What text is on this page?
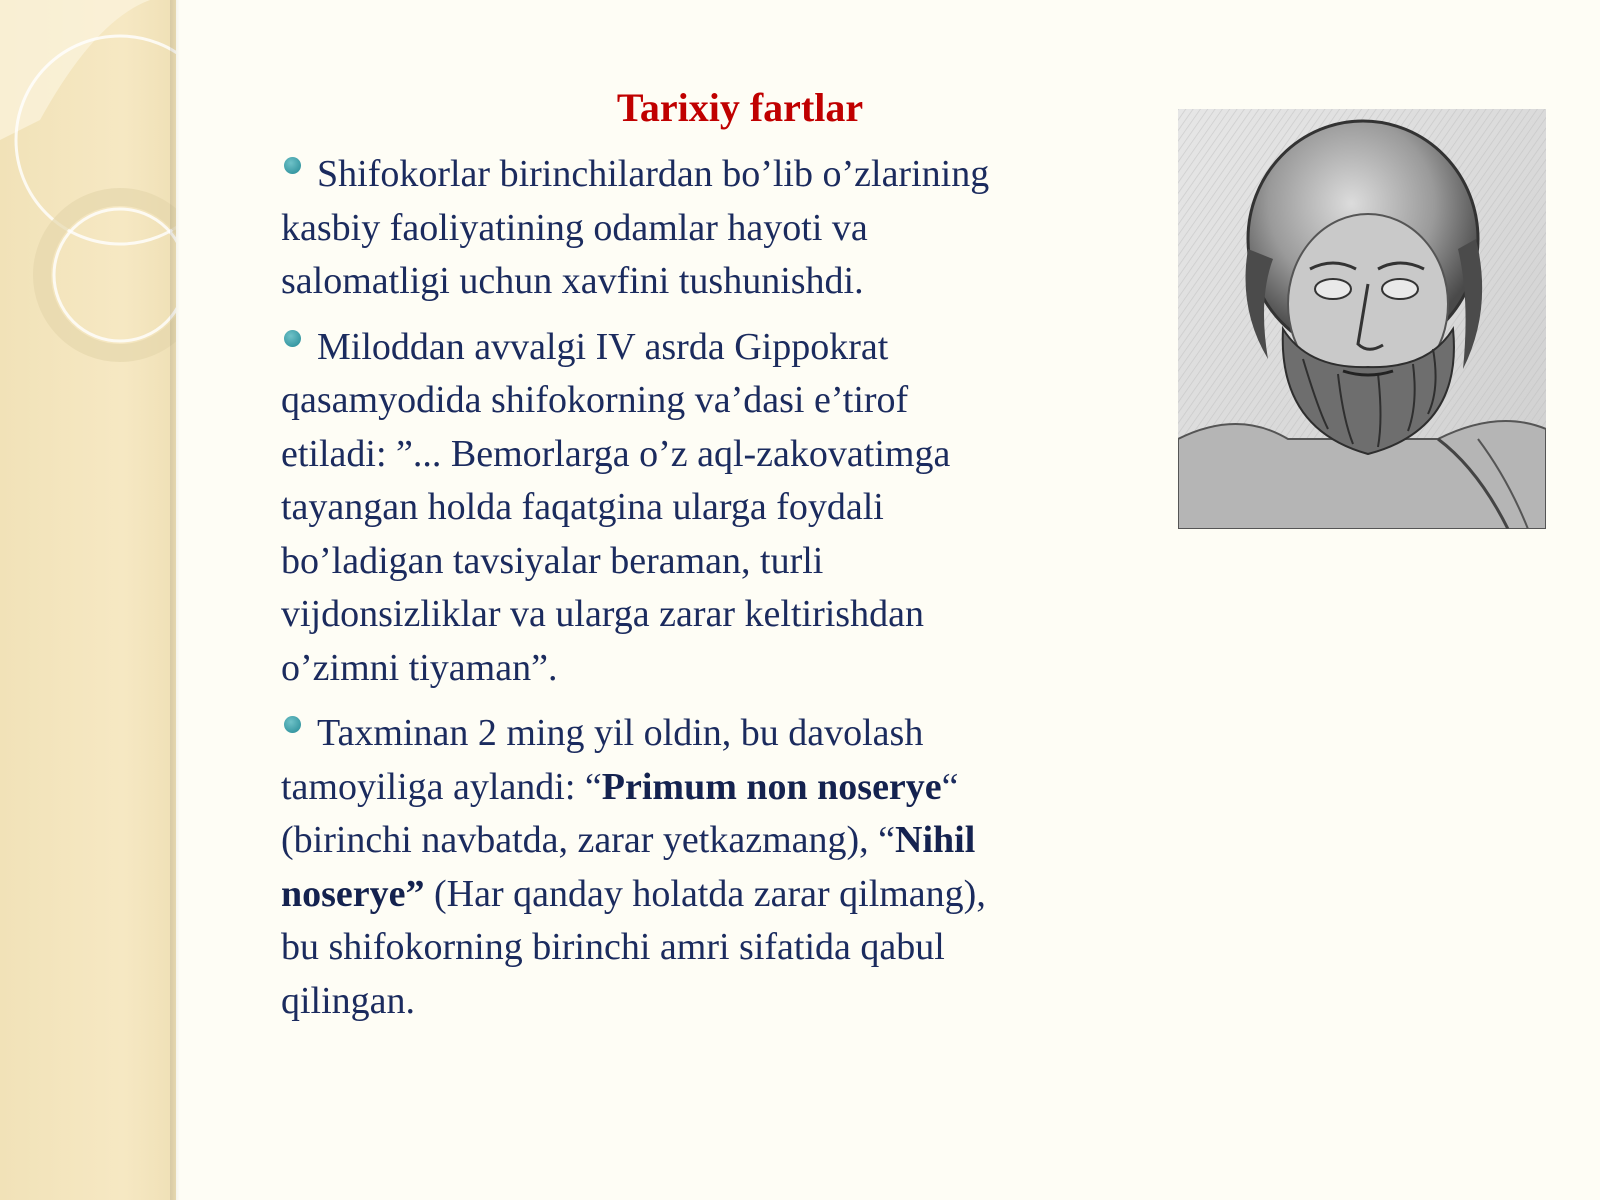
Tarixiy fartlar
Shifokorlar birinchilardan bo’lib o’zlarining
kasbiy faoliyatining odamlar hayoti va
salomatligi uchun xavfini tushunishdi.
Miloddan avvalgi IV asrda Gippokrat
qasamyodida shifokorning va’dasi e’tirof
etiladi: ”... Bemorlarga o’z aql-zakovatimga
tayangan holda faqatgina ularga foydali
bo’ladigan tavsiyalar beraman, turli
vijdonsizliklar va ularga zarar keltirishdan
o’zimni tiyaman”.
Taxminan 2 ming yil oldin, bu davolash
tamoyiliga aylandi: “Primum non noserye“
(birinchi navbatda, zarar yetkazmang), “Nihil
noserye” (Har qanday holatda zarar qilmang),
bu shifokorning birinchi amri sifatida qabul
qilingan.
